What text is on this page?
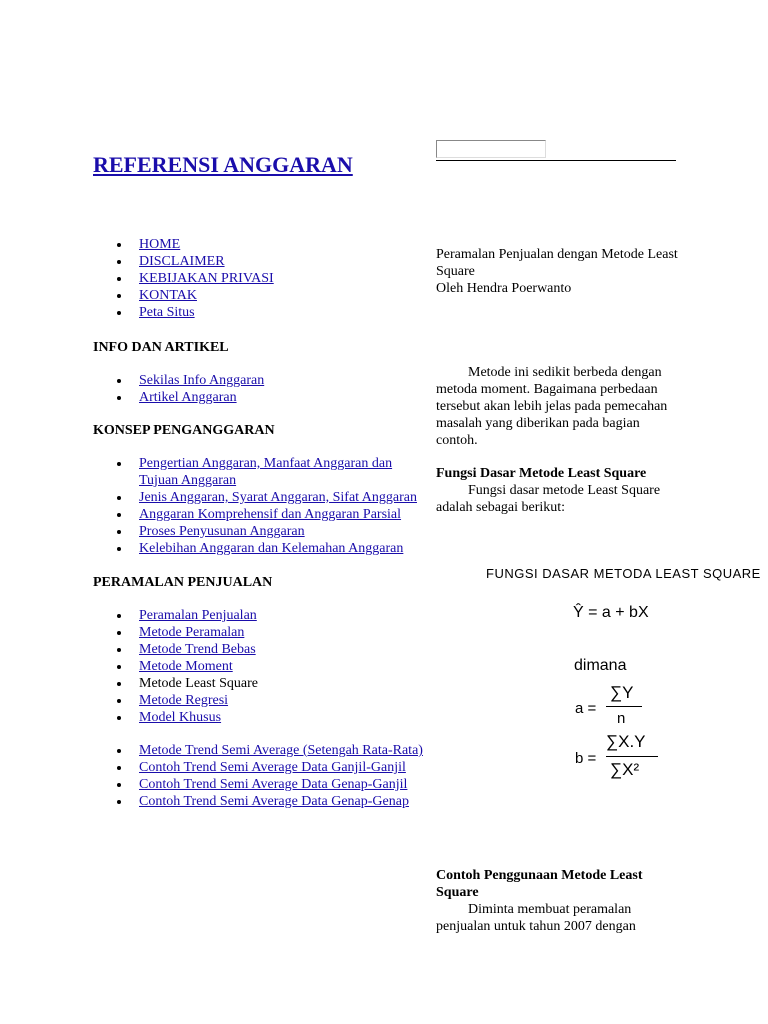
REFERENSI ANGGARAN
HOME
DISCLAIMER
KEBIJAKAN PRIVASI
KONTAK
Peta Situs

INFO DAN ARTIKEL

Sekilas Info Anggaran
Artikel Anggaran

KONSEP PENGANGGARAN

Pengertian Anggaran, Manfaat Anggaran dan Tujuan Anggaran
Jenis Anggaran, Syarat Anggaran, Sifat Anggaran
Anggaran Komprehensif dan Anggaran Parsial
Proses Penyusunan Anggaran
Kelebihan Anggaran dan Kelemahan Anggaran

PERAMALAN PENJUALAN

Peramalan Penjualan
Metode Peramalan
Metode Trend Bebas
Metode Moment
Metode Least Square
Metode Regresi
Model Khusus
Metode Trend Semi Average (Setengah Rata-Rata)
Contoh Trend Semi Average Data Ganjil-Ganjil
Contoh Trend Semi Average Data Genap-Ganjil
Contoh Trend Semi Average Data Genap-Genap
Peramalan Penjualan dengan Metode Least Square
Oleh Hendra Poerwanto
Metode ini sedikit berbeda dengan metoda moment. Bagaimana perbedaan tersebut akan lebih jelas pada pemecahan masalah yang diberikan pada bagian contoh.
Fungsi Dasar Metode Least Square
Fungsi dasar metode Least Square adalah sebagai berikut:
FUNGSI DASAR METODA LEAST SQUARE
Ŷ = a + bX
dimana
a =
∑Y
n
b =
∑X.Y
∑X²
Contoh Penggunaan Metode Least Square
Diminta membuat peramalan penjualan untuk tahun 2007 dengan
